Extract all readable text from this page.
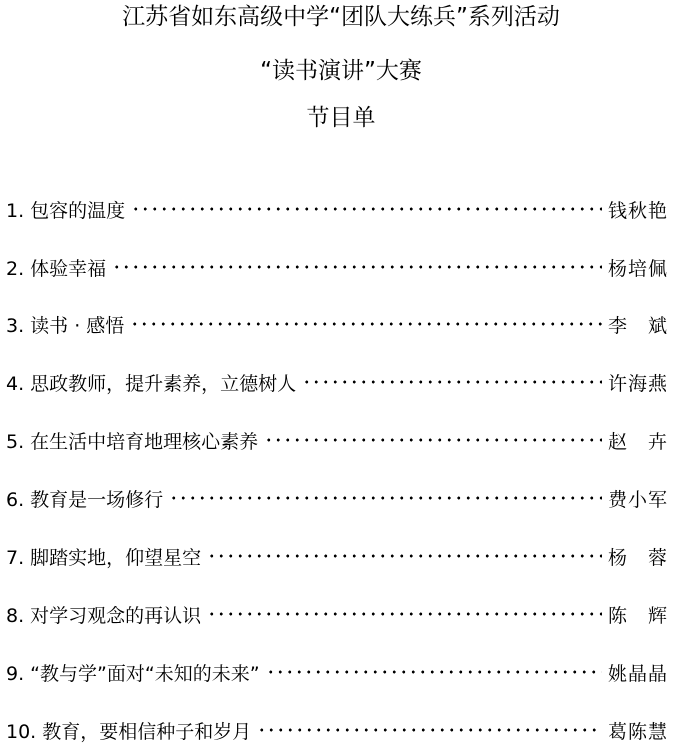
江苏省如东高级中学“团队大练兵”系列活动
“读书演讲”大赛
节目单
1. 包容的温度	钱秋艳
2. 体验幸福	杨培佩
3. 读书 · 感悟	李　斌
4. 思政教师，提升素养，立德树人	许海燕
5. 在生活中培育地理核心素养	赵　卉
6. 教育是一场修行	费小军
7. 脚踏实地，仰望星空	杨　蓉
8. 对学习观念的再认识	陈　辉
9. “教与学”面对“未知的未来”	姚晶晶
10. 教育，要相信种子和岁月	葛陈慧
